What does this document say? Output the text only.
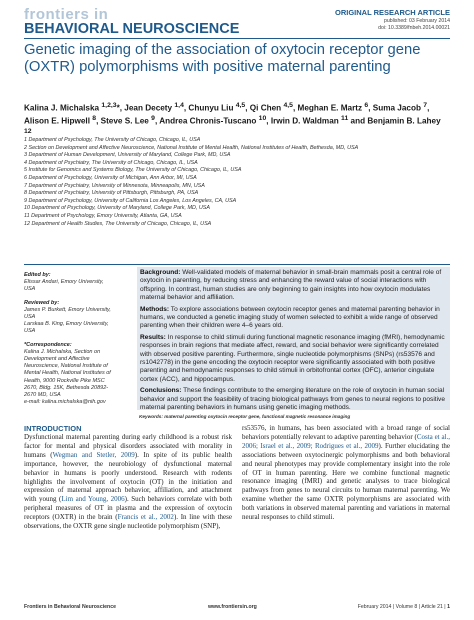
frontiers in
BEHAVIORAL NEUROSCIENCE
ORIGINAL RESEARCH ARTICLE
published: 03 February 2014
doi: 10.3389/fnbeh.2014.00021
Genetic imaging of the association of oxytocin receptor gene (OXTR) polymorphisms with positive maternal parenting
Kalina J. Michalska $^{1,2,3}$*, Jean Decety $^{1,4}$, Chunyu Liu $^{4,5}$, Qi Chen $^{4,5}$, Meghan E. Martz $^6$, Suma Jacob $^7$, Alison E. Hipwell $^8$, Steve S. Lee $^9$, Andrea Chronis-Tuscano $^{10}$, Irwin D. Waldman $^{11}$ and Benjamin B. Lahey $^{12}$
1 Department of Psychology, The University of Chicago, Chicago, IL, USA
2 Section on Development and Affective Neuroscience, National Institute of Mental Health, National Institutes of Health, Bethesda, MD, USA
3 Department of Human Development, University of Maryland, College Park, MD, USA
4 Department of Psychiatry, The University of Chicago, Chicago, IL, USA
5 Institute for Genomics and Systems Biology, The University of Chicago, Chicago, IL, USA
6 Department of Psychology, University of Michigan, Ann Arbor, MI, USA
7 Department of Psychiatry, University of Minnesota, Minneapolis, MN, USA
8 Department of Psychiatry, University of Pittsburgh, Pittsburgh, PA, USA
9 Department of Psychology, University of California Los Angeles, Los Angeles, CA, USA
10 Department of Psychology, University of Maryland, College Park, MD, USA
11 Department of Psychology, Emory University, Atlanta, GA, USA
12 Department of Health Studies, The University of Chicago, Chicago, IL, USA
Edited by:
Elissar Andari, Emory University, USA
Reviewed by:
James P. Burkett, Emory University, USA
Larskaa B. King, Emory University, USA
*Correspondence:
Kalina J. Michalska, Section on Development and Affective Neuroscience, National Institute of Mental Health, National Institutes of Health, 9000 Rockville Pike MSC 2670, Bldg. 15K, Bethesda 20892-2670 MD, USA
e-mail: kalina.michalska@nih.gov

Background: Well-validated models of maternal behavior in small-brain mammals posit a central role of oxytocin in parenting, by reducing stress and enhancing the reward value of social interactions with offspring. In contrast, human studies are only beginning to gain insights into how oxytocin modulates maternal behavior and affiliation.

Methods: To explore associations between oxytocin receptor genes and maternal parenting behavior in humans, we conducted a genetic imaging study of women selected to exhibit a wide range of observed parenting when their children were 4–6 years old.

Results: In response to child stimuli during functional magnetic resonance imaging (fMRI), hemodynamic responses in brain regions that mediate affect, reward, and social behavior were significantly correlated with observed positive parenting. Furthermore, single nucleotide polymorphisms (SNPs) (rs53576 and rs1042778) in the gene encoding the oxytocin receptor were significantly associated with both positive parenting and hemodynamic responses to child stimuli in orbitofrontal cortex (OFC), anterior cingulate cortex (ACC), and hippocampus.

Conclusions: These findings contribute to the emerging literature on the role of oxytocin in human social behavior and support the feasibility of tracing biological pathways from genes to neural regions to positive maternal parenting behaviors in humans using genetic imaging methods.

Keywords: maternal parenting oxytocin receptor gene, functional magnetic resonance imaging
INTRODUCTION
Dysfunctional maternal parenting during early childhood is a robust risk factor for mental and physical disorders associated with morality in humans (Wegman and Stetler, 2009). In spite of its public health importance, however, the neurobiology of dysfunctional maternal behavior in humans is poorly understood. Research with rodents highlights the involvement of oxytocin (OT) in the initiation and expression of maternal approach behavior, affiliation, and attachment with young (Lim and Young, 2006). Such behaviors correlate with both peripheral measures of OT in plasma and the expression of oxytocin receptors (OXTR) in the brain (Francis et al., 2002). In line with these observations, the OXTR gene single nucleotide polymorphism (SNP),
rs53576, in humans, has been associated with a broad range of social behaviors potentially relevant to adaptive parenting behavior (Costa et al., 2006; Israel et al., 2009; Rodrigues et al., 2009). Further elucidating the associations between oxytocinergic polymorphisms and both behavioral and neural phenotypes may provide complementary insight into the role of OT in human parenting. Here we combine functional magnetic resonance imaging (fMRI) and genetic analyses to trace biological pathways from genes to neural circuits to human maternal parenting. We examine whether the same OXTR polymorphisms are associated with both variations in observed maternal parenting and variations in maternal neural responses to child stimuli.
Frontiers in Behavioral Neuroscience	www.frontiersin.org	February 2014 | Volume 8 | Article 21 | 1
